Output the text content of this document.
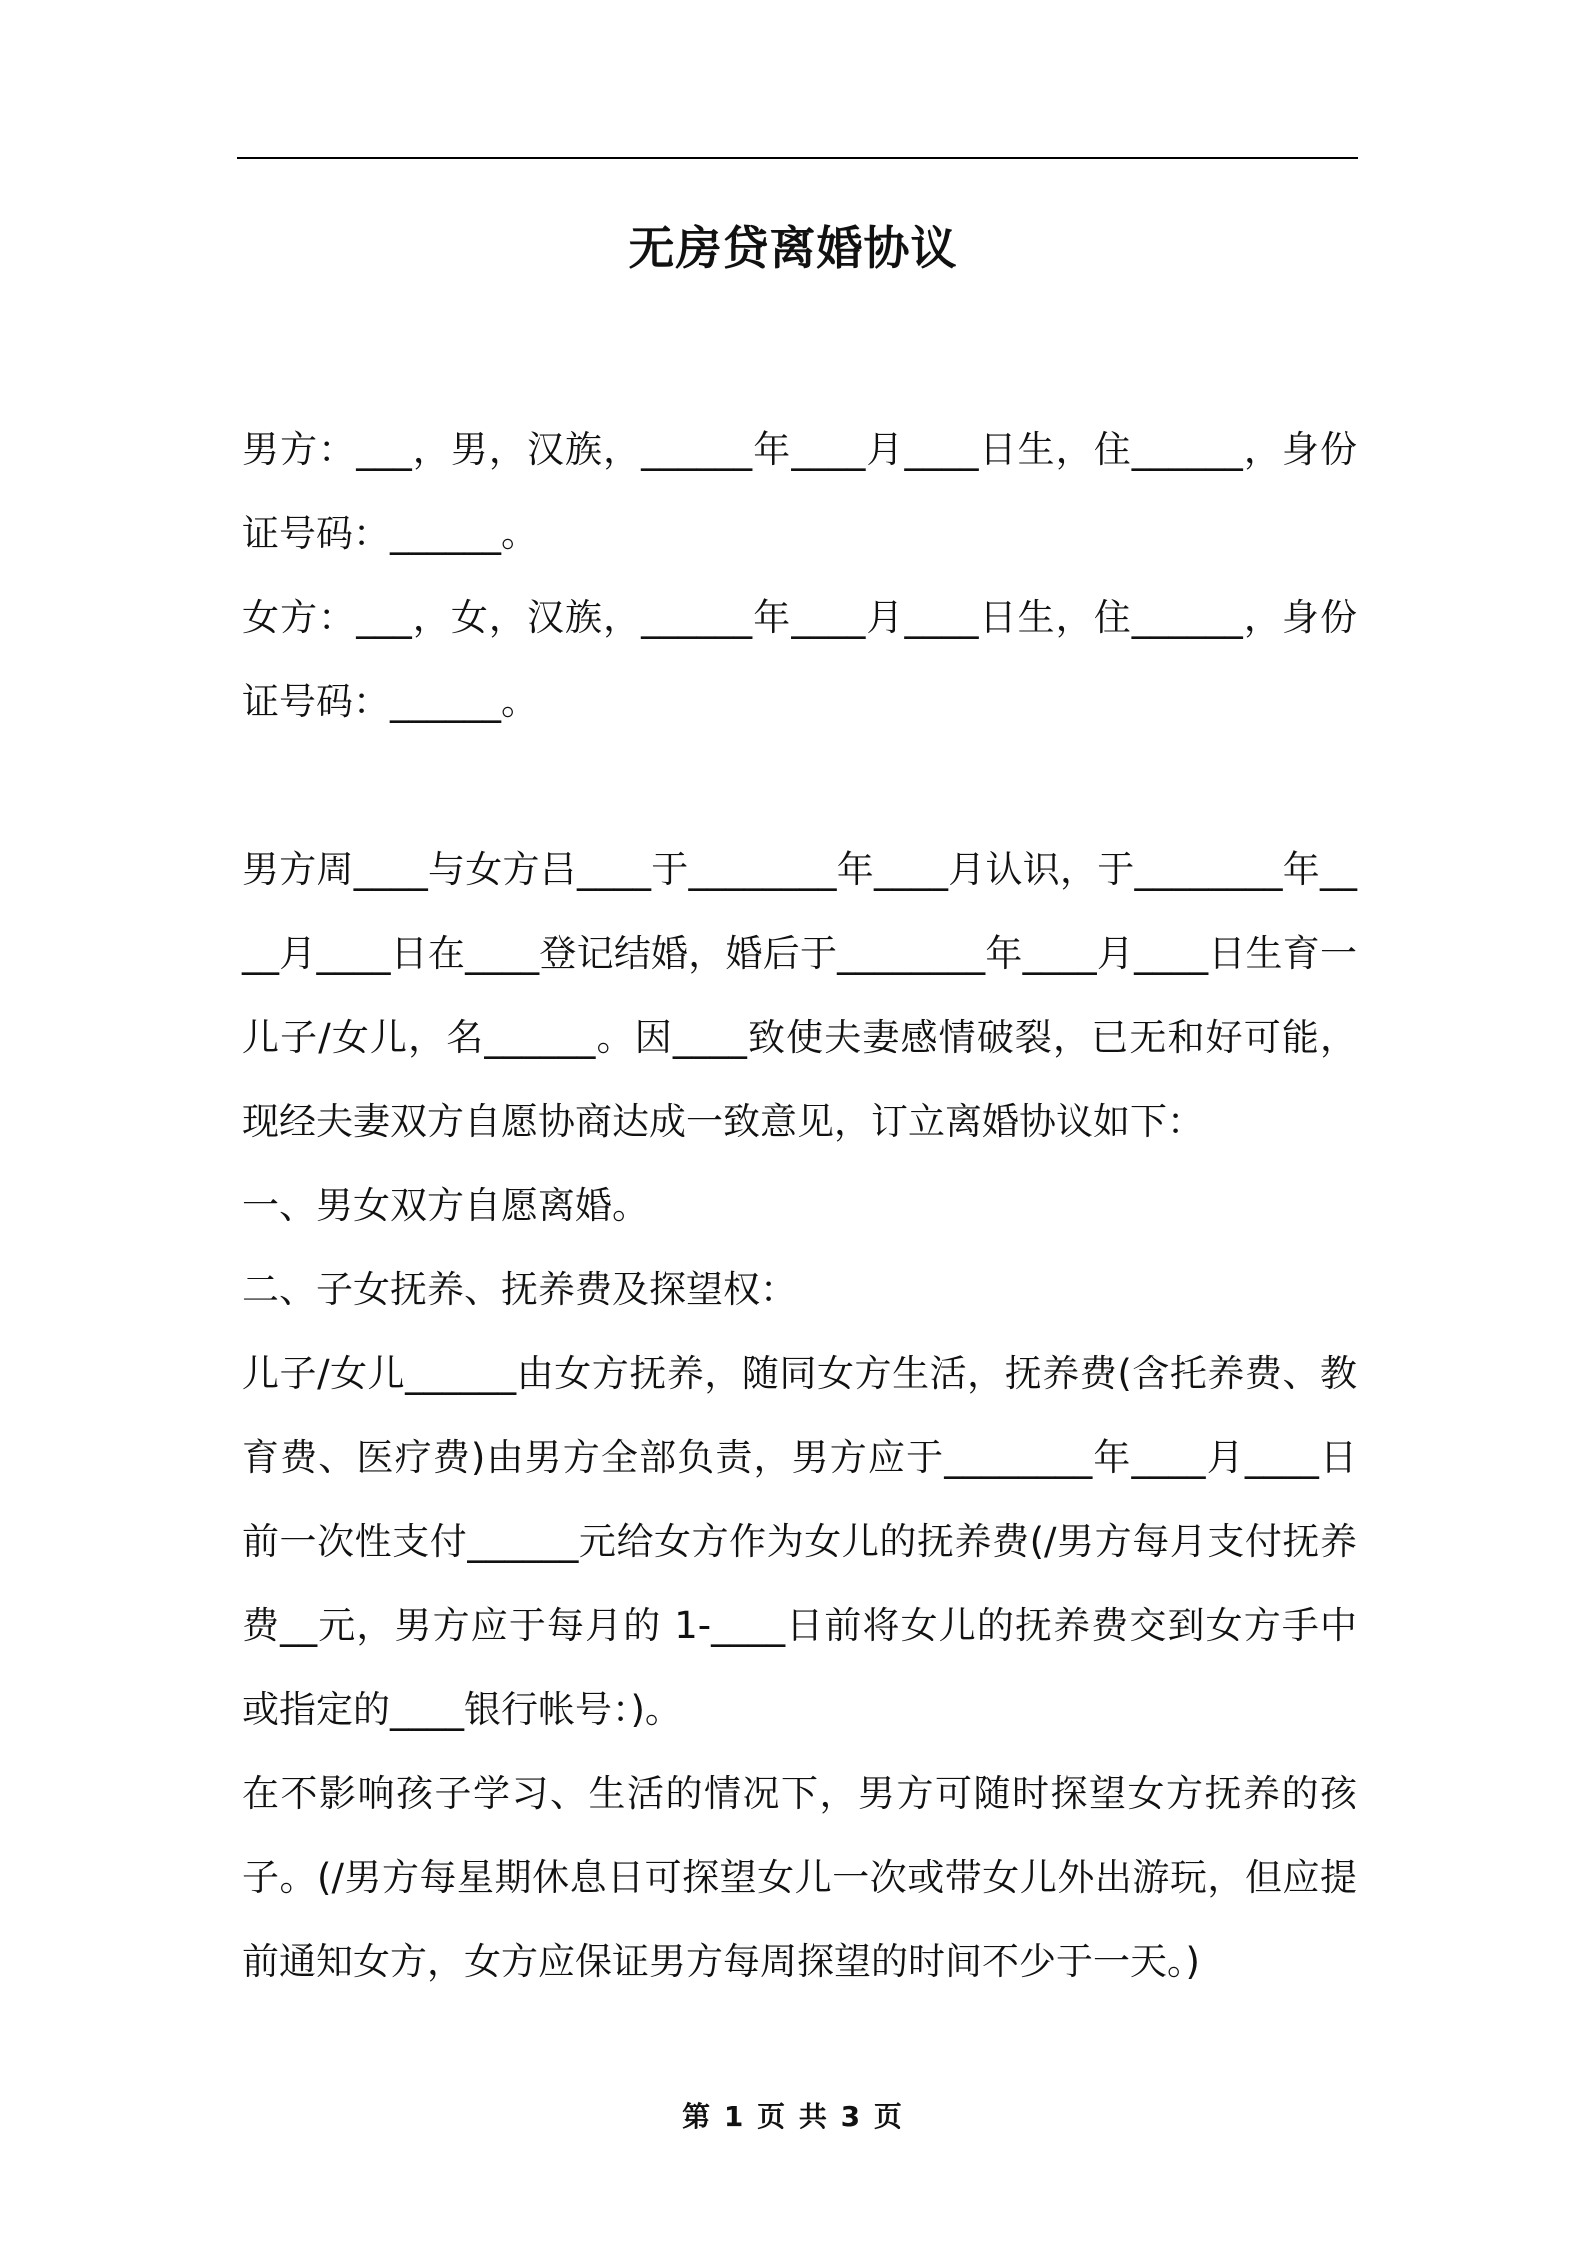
无房贷离婚协议

男方：___，男，汉族，______年____月____日生，住______，身份证号码：______。

女方：___，女，汉族，______年____月____日生，住______，身份证号码：______。

男方周____与女方吕____于________年____月认识，于________年____月____日在____登记结婚，婚后于________年____月____日生育一儿子/女儿，名______。因____致使夫妻感情破裂，已无和好可能，现经夫妻双方自愿协商达成一致意见，订立离婚协议如下：

一、男女双方自愿离婚。

二、子女抚养、抚养费及探望权：

儿子/女儿______由女方抚养，随同女方生活，抚养费(含托养费、教育费、医疗费)由男方全部负责，男方应于________年____月____日前一次性支付______元给女方作为女儿的抚养费(/男方每月支付抚养费__元，男方应于每月的 1-____日前将女儿的抚养费交到女方手中或指定的____银行帐号：)。

在不影响孩子学习、生活的情况下，男方可随时探望女方抚养的孩子。(/男方每星期休息日可探望女儿一次或带女儿外出游玩，但应提前通知女方，女方应保证男方每周探望的时间不少于一天。)

第 1 页 共 3 页
